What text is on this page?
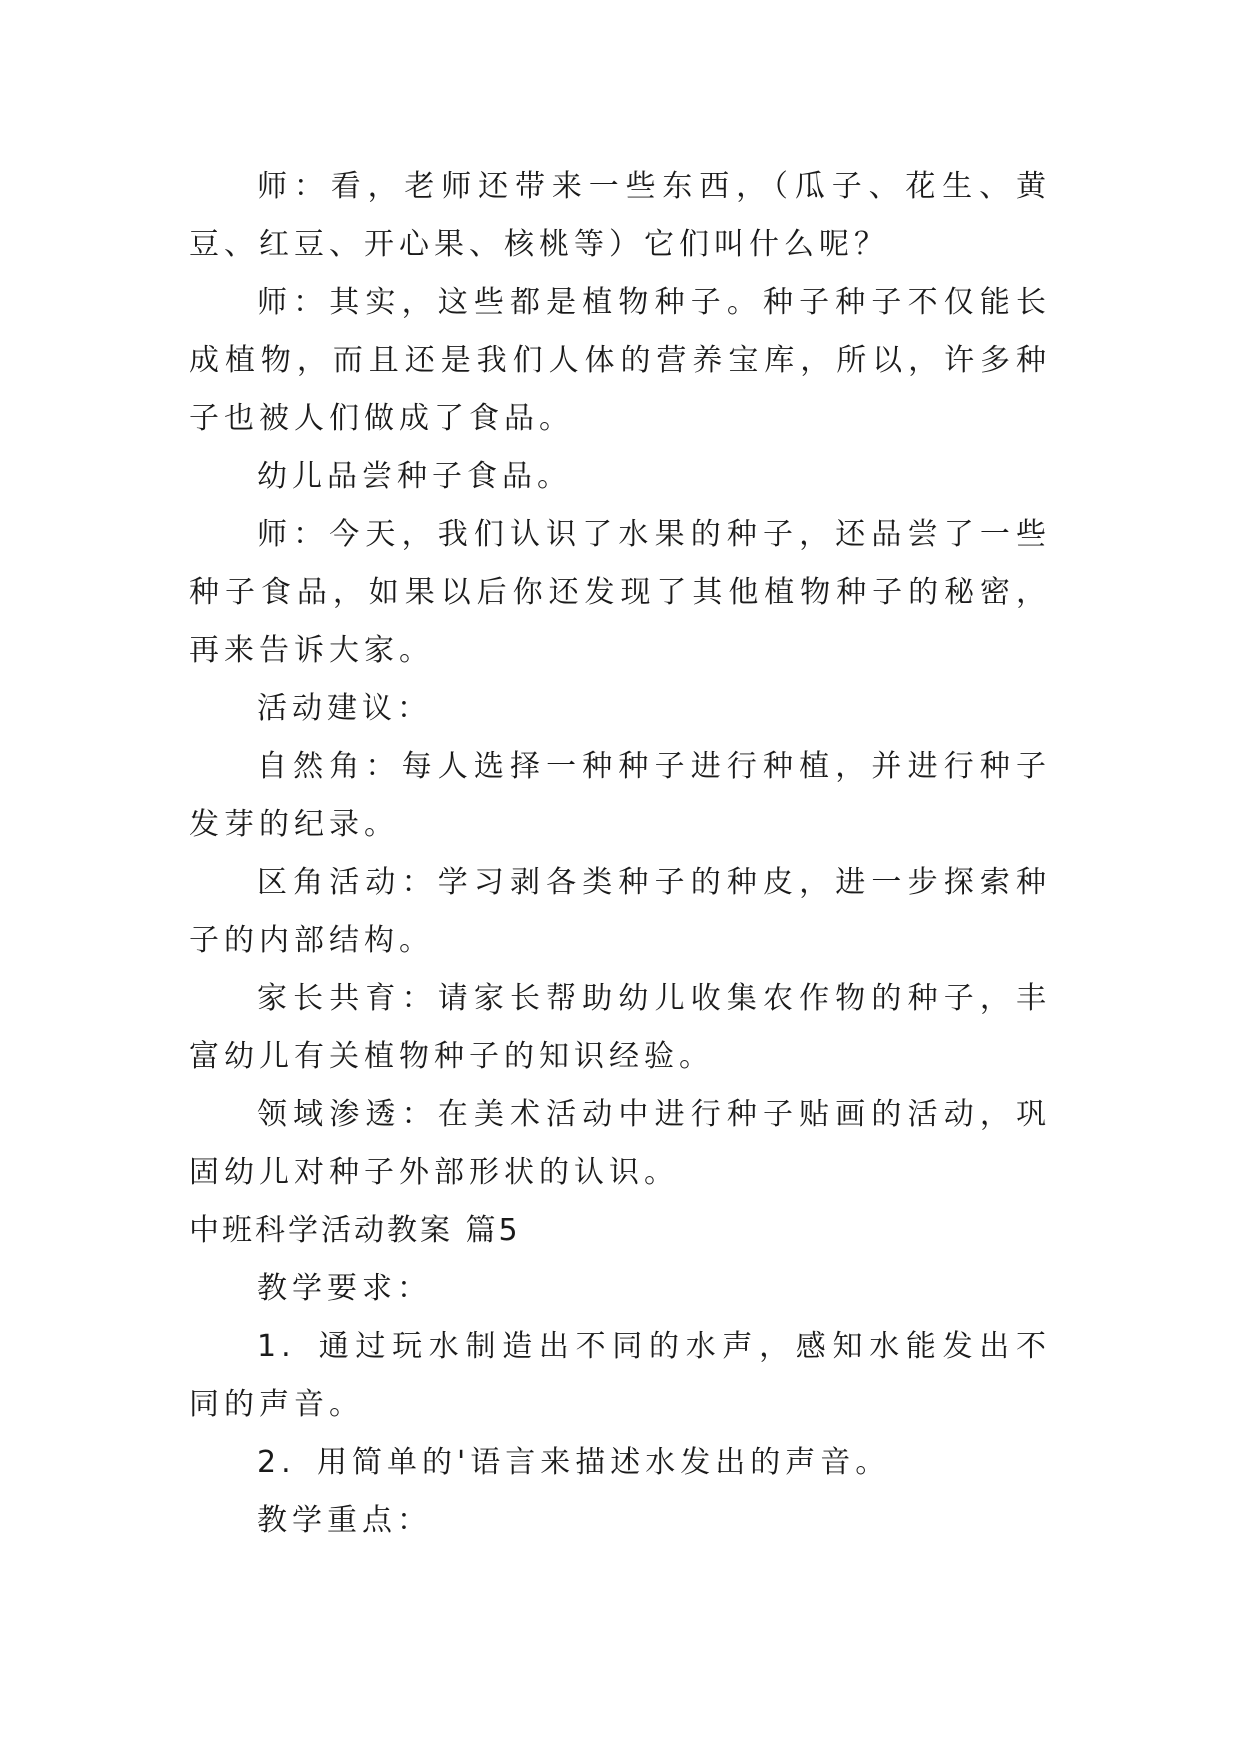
师：看，老师还带来一些东西，（瓜子、花生、黄豆、红豆、开心果、核桃等）它们叫什么呢？

师：其实，这些都是植物种子。种子种子不仅能长成植物，而且还是我们人体的营养宝库，所以，许多种子也被人们做成了食品。

幼儿品尝种子食品。

师：今天，我们认识了水果的种子，还品尝了一些种子食品，如果以后你还发现了其他植物种子的秘密，再来告诉大家。

活动建议：

自然角：每人选择一种种子进行种植，并进行种子发芽的纪录。

区角活动：学习剥各类种子的种皮，进一步探索种子的内部结构。

家长共育：请家长帮助幼儿收集农作物的种子，丰富幼儿有关植物种子的知识经验。

领域渗透：在美术活动中进行种子贴画的活动，巩固幼儿对种子外部形状的认识。

中班科学活动教案 篇5

教学要求：

1. 通过玩水制造出不同的水声，感知水能发出不同的声音。

2. 用简单的'语言来描述水发出的声音。

教学重点：
